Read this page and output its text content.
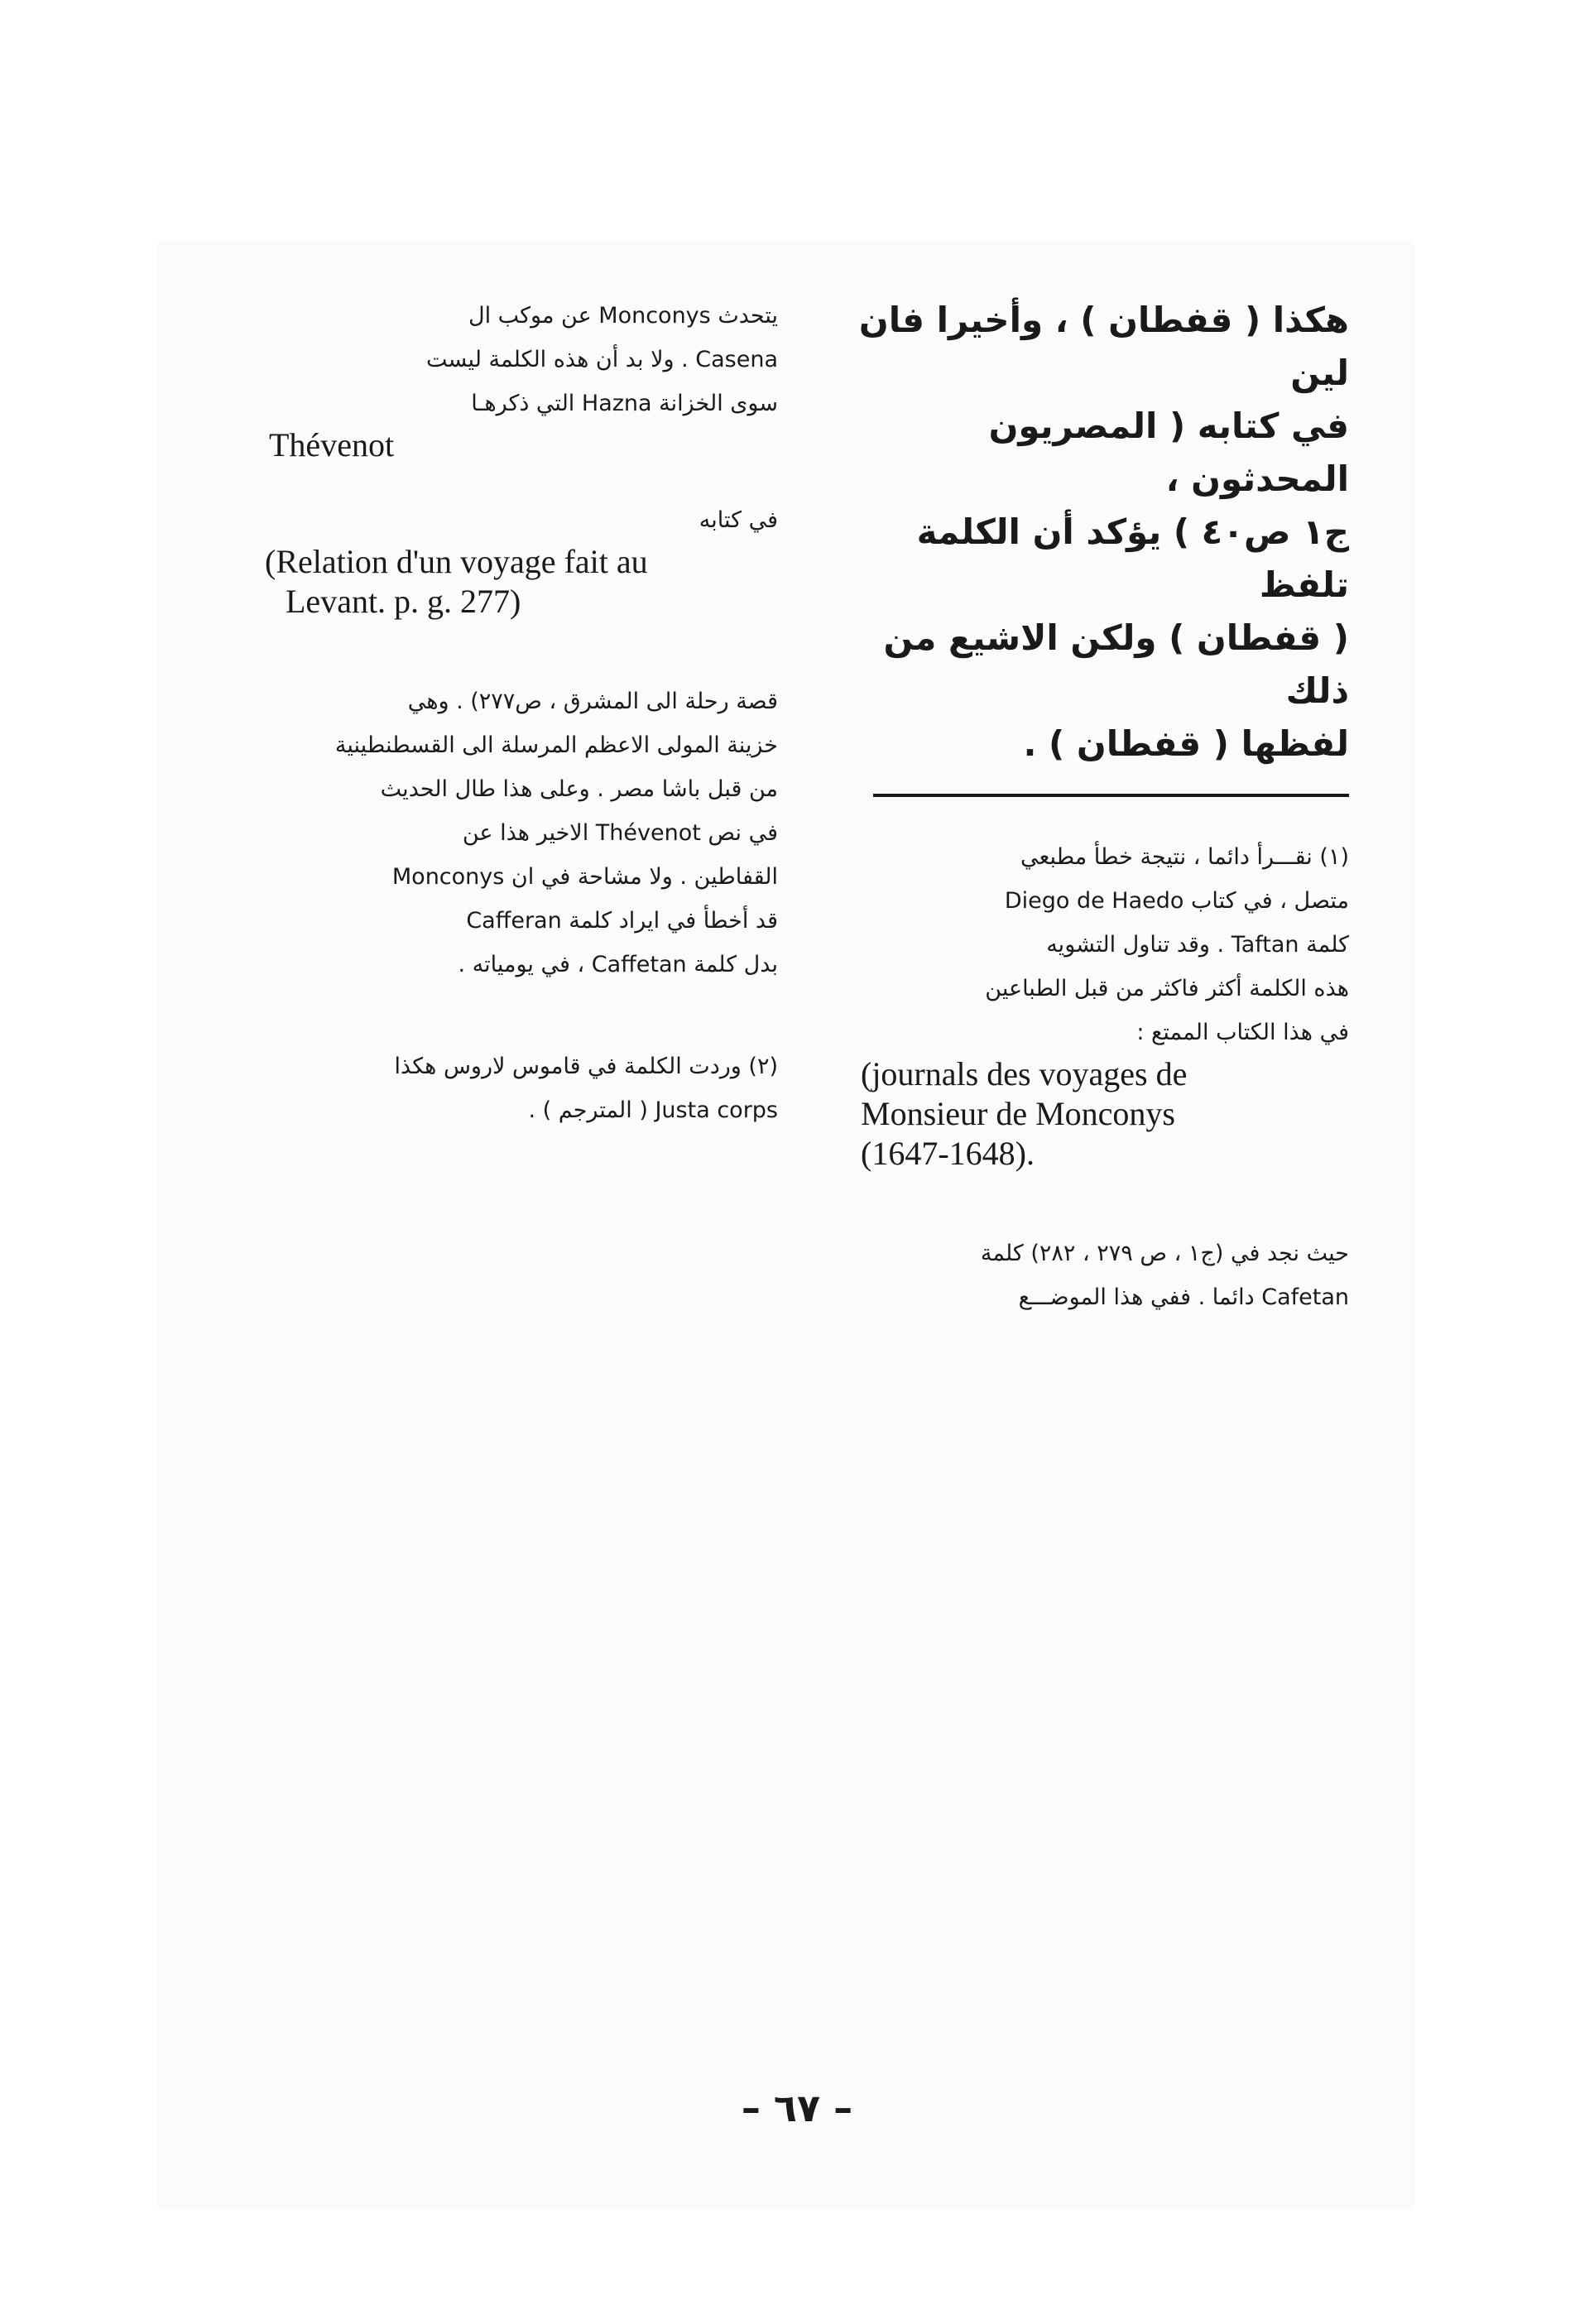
هكذا ( قفطان ) ، وأخيرا فان لين
في كتابه ( المصريون المحدثون ،
ج١ ص٤٠ ) يؤكد أن الكلمة تلفظ
( قفطان ) ولكن الاشيع من ذلك
لفظها ( قفطان ) .
(١) نقـــرأ دائما ، نتيجة خطأ مطبعي
متصل ، في كتاب Diego de Haedo
كلمة Taftan . وقد تناول التشويه
هذه الكلمة أكثر فاكثر من قبل الطباعين
في هذا الكتاب الممتع :
(journals des voyages de
Monsieur de Monconys
(1647-1648).
حيث نجد في (ج١ ، ص ٢٧٩ ، ٢٨٢) كلمة
Cafetan دائما . ففي هذا الموضـــع
يتحدث Monconys عن موكب ال
Casena . ولا بد أن هذه الكلمة ليست
سوى الخزانة Hazna التي ذكرهـا
Thévenot
في كتابه
(Relation d'un voyage fait au
Levant. p. g. 277)
قصة رحلة الى المشرق ، ص٢٧٧) . وهي
خزينة المولى الاعظم المرسلة الى القسطنطينية
من قبل باشا مصر . وعلى هذا طال الحديث
في نص Thévenot الاخير هذا عن
القفاطين . ولا مشاحة في ان Monconys
قد أخطأ في ايراد كلمة Cafferan
بدل كلمة Caffetan ، في يومياته .
(٢) وردت الكلمة في قاموس لاروس هكذا
Justa corps ( المترجم ) .
– ٦٧ –
